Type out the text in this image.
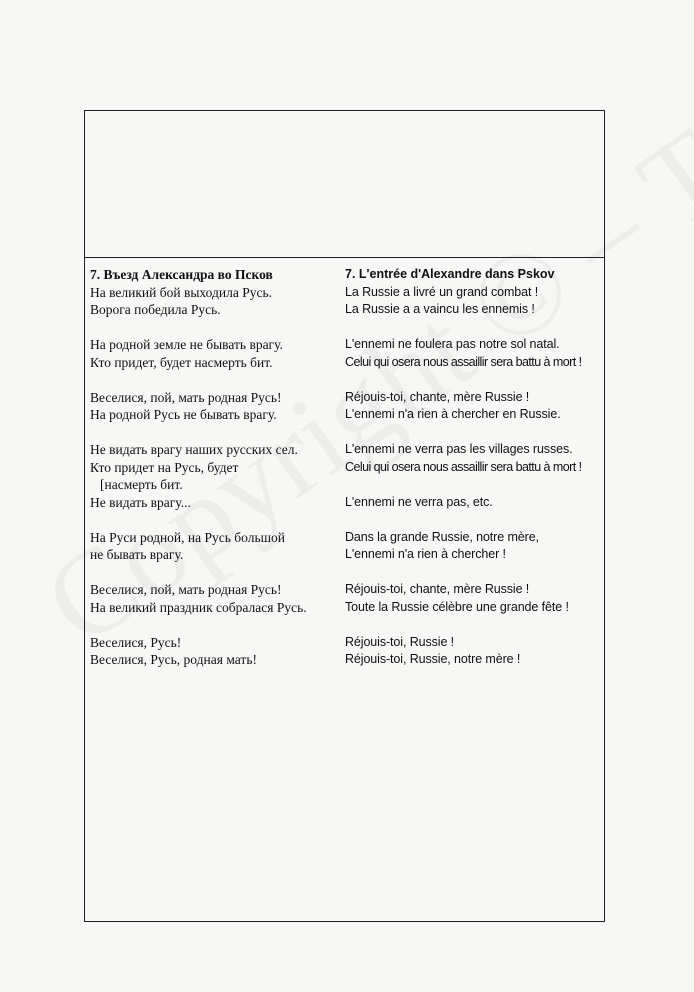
7. Въезд Александра во Псков
На великий бой выходила Русь.
Ворога победила Русь.
На родной земле не бывать врагу.
Кто придет, будет насмерть бит.
Веселися, пой, мать родная Русь!
На родной Русь не бывать врагу.
Не видать врагу наших русских сел.
Кто придет на Русь, будет
[насмерть бит.
Не видать врагу...
На Руси родной, на Русь большой
не бывать врагу.
Веселися, пой, мать родная Русь!
На великий праздник собралася Русь.
Веселися, Русь!
Веселися, Русь, родная мать!
7. L'entrée d'Alexandre dans Pskov
La Russie a livré un grand combat !
La Russie a a vaincu les ennemis !
L'ennemi ne foulera pas notre sol natal.
Celui qui osera nous assaillir sera battu à mort !
Réjouis-toi, chante, mère Russie !
L'ennemi n'a rien à chercher en Russie.
L'ennemi ne verra pas les villages russes.
Celui qui osera nous assaillir sera battu à mort !

L'ennemi ne verra pas, etc.
Dans la grande Russie, notre mère,
L'ennemi n'a rien à chercher !
Réjouis-toi, chante, mère Russie !
Toute la Russie célèbre une grande fête !
Réjouis-toi, Russie !
Réjouis-toi, Russie, notre mère !
